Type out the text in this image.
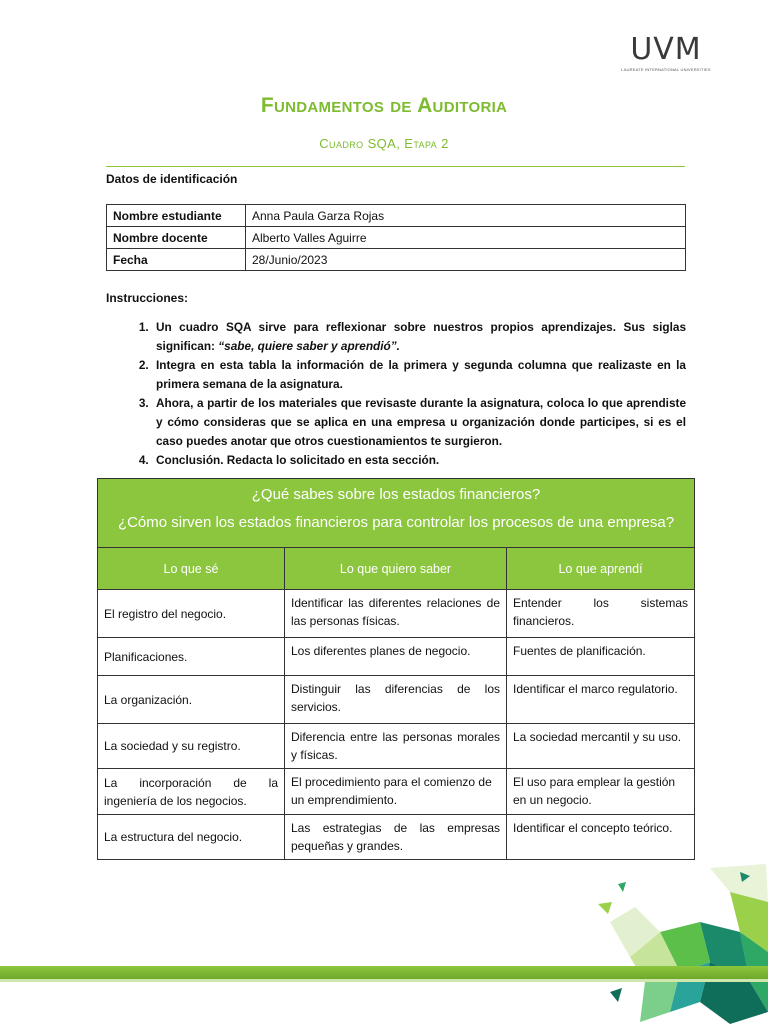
UVM
LAUREATE INTERNATIONAL UNIVERSITIES
Fundamentos de Auditoria
Cuadro SQA, Etapa 2
Datos de identificación
Nombre estudiante	Anna Paula Garza Rojas
Nombre docente	Alberto Valles Aguirre
Fecha	28/Junio/2023
Instrucciones:
1. Un cuadro SQA sirve para reflexionar sobre nuestros propios aprendizajes. Sus siglas significan: “sabe, quiere saber y aprendió”.
2. Integra en esta tabla la información de la primera y segunda columna que realizaste en la primera semana de la asignatura.
3. Ahora, a partir de los materiales que revisaste durante la asignatura, coloca lo que aprendiste y cómo consideras que se aplica en una empresa u organización donde participes, si es el caso puedes anotar que otros cuestionamientos te surgieron.
4. Conclusión. Redacta lo solicitado en esta sección.
¿Qué sabes sobre los estados financieros?
¿Cómo sirven los estados financieros para controlar los procesos de una empresa?		

Lo que sé	Lo que quiero saber	Lo que aprendí
El registro del negocio.	Identificar las diferentes relaciones de las personas físicas.	Entender los sistemas financieros.
Planificaciones.	Los diferentes planes de negocio.	Fuentes de planificación.
La organización.	Distinguir las diferencias de los servicios.	Identificar el marco regulatorio.
La sociedad y su registro.	Diferencia entre las personas morales y físicas.	La sociedad mercantil y su uso.
La incorporación de la ingeniería de los negocios.	El procedimiento para el comienzo de un emprendimiento.	El uso para emplear la gestión en un negocio.
La estructura del negocio.	Las estrategias de las empresas pequeñas y grandes.	Identificar el concepto teórico.
